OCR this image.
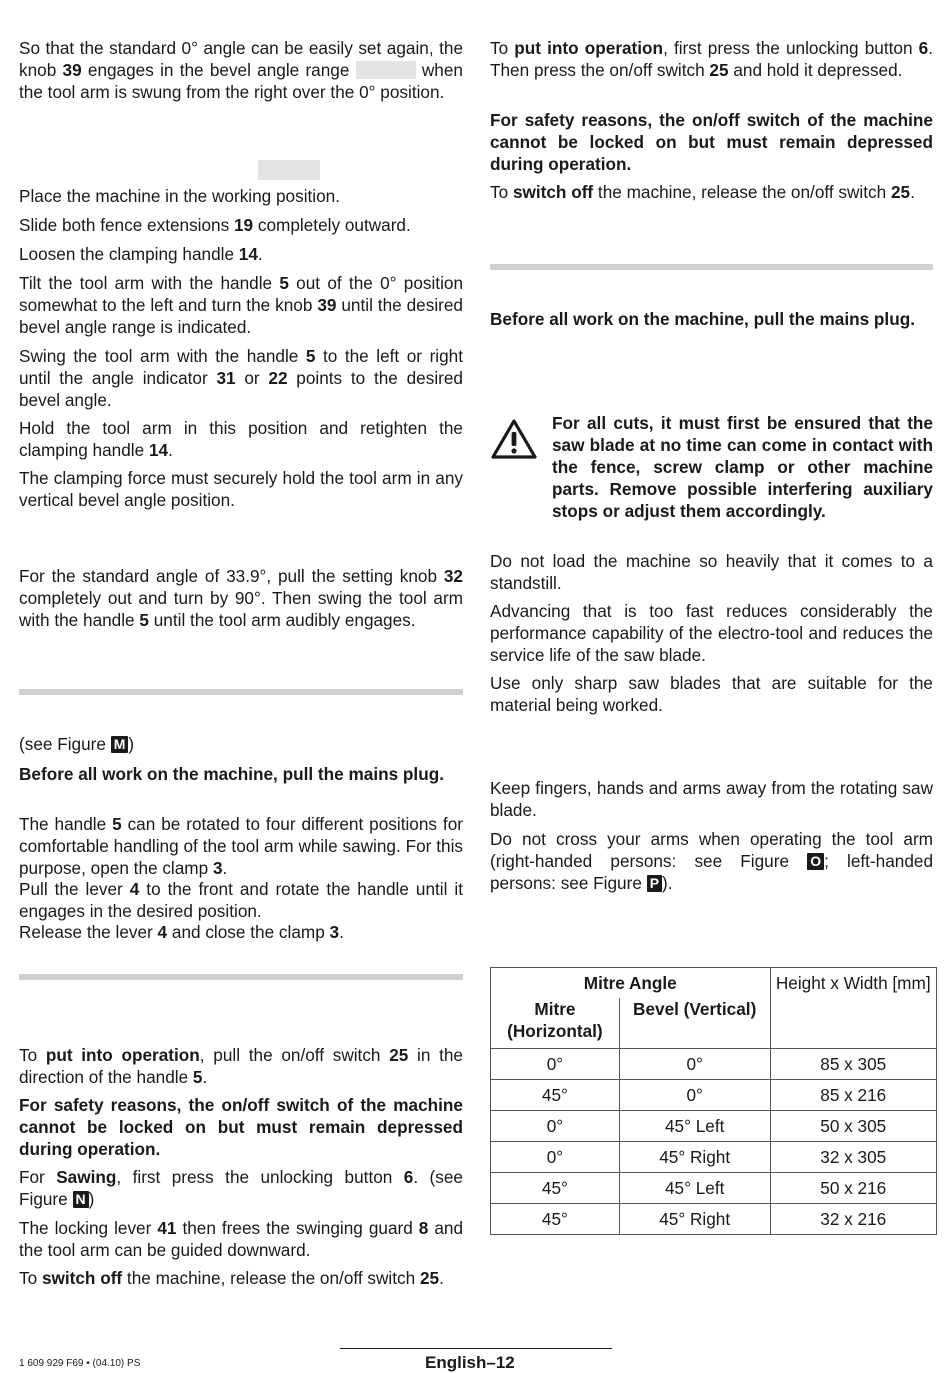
So that the standard 0° angle can be easily set again, the knob 39 engages in the bevel angle range	when the tool arm is swung from the right over the 0° position.

Place the machine in the working position.

Slide both fence extensions 19 completely outward.

Loosen the clamping handle 14.

Tilt the tool arm with the handle 5 out of the 0° position somewhat to the left and turn the knob 39 until the desired bevel angle range is indicated.

Swing the tool arm with the handle 5 to the left or right until the angle indicator 31 or 22 points to the desired bevel angle.

Hold the tool arm in this position and retighten the clamping handle 14.

The clamping force must securely hold the tool arm in any vertical bevel angle position.

For the standard angle of 33.9°, pull the setting knob 32 completely out and turn by 90°. Then swing the tool arm with the handle 5 until the tool arm audibly engages.

(see Figure M )

Before all work on the machine, pull the mains plug.

The handle 5 can be rotated to four different positions for comfortable handling of the tool arm while sawing. For this purpose, open the clamp 3.

Pull the lever 4 to the front and rotate the handle until it engages in the desired position.

Release the lever 4 and close the clamp 3.

To put into operation, pull the on/off switch 25 in the direction of the handle 5.

For safety reasons, the on/off switch of the machine cannot be locked on but must remain depressed during operation.

For Sawing, first press the unlocking button 6. (see Figure N )

The locking lever 41 then frees the swinging guard 8 and the tool arm can be guided downward.

To switch off the machine, release the on/off switch 25.

To put into operation, first press the unlocking button 6. Then press the on/off switch 25 and hold it depressed.

For safety reasons, the on/off switch of the machine cannot be locked on but must remain depressed during operation.

To switch off the machine, release the on/off switch 25.

Before all work on the machine, pull the mains plug.

For all cuts, it must first be ensured that the saw blade at no time can come in contact with the fence, screw clamp or other machine parts. Remove possible interfering auxiliary stops or adjust them accordingly.

Do not load the machine so heavily that it comes to a standstill.

Advancing that is too fast reduces considerably the performance capability of the electro-tool and reduces the service life of the saw blade.

Use only sharp saw blades that are suitable for the material being worked.

Keep fingers, hands and arms away from the rotating saw blade.

Do not cross your arms when operating the tool arm (right-handed persons: see Figure O ; left-handed persons: see Figure P ).

Mitre Angle		Height x Width [mm]
Mitre (Horizontal)	Bevel (Vertical)	
0°	0°	85 x 305
45°	0°	85 x 216
0°	45° Left	50 x 305
0°	45° Right	32 x 305
45°	45° Left	50 x 216
45°	45° Right	32 x 216
1 609 929 F69 • (04.10) PS	English–12
